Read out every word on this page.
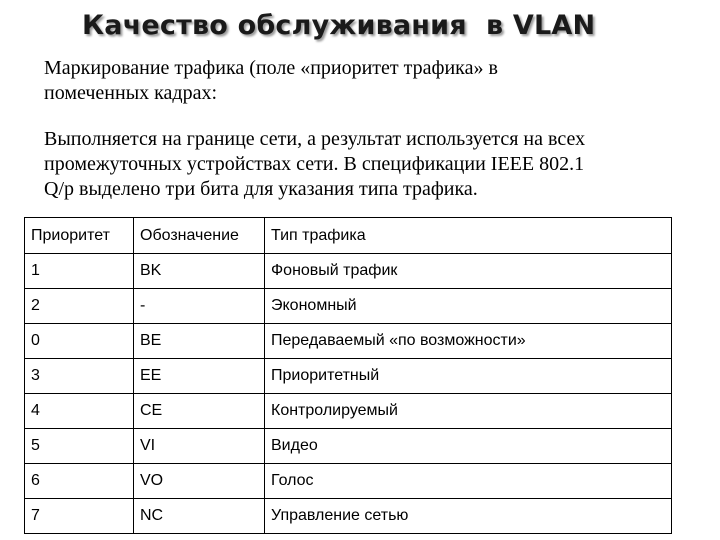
Качество обслуживания  в VLAN

Маркирование трафика (поле «приоритет трафика» в
помеченных кадрах:

Выполняется на границе сети, а результат используется на всех
промежуточных устройствах сети. В спецификации IEEE 802.1
Q/p выделено три бита для указания типа трафика.

Приоритет	Обозначение	Тип трафика
1	BK	Фоновый трафик
2	-	Экономный
0	BE	Передаваемый «по возможности»
3	EE	Приоритетный
4	CE	Контролируемый
5	VI	Видео
6	VO	Голос
7	NC	Управление сетью
